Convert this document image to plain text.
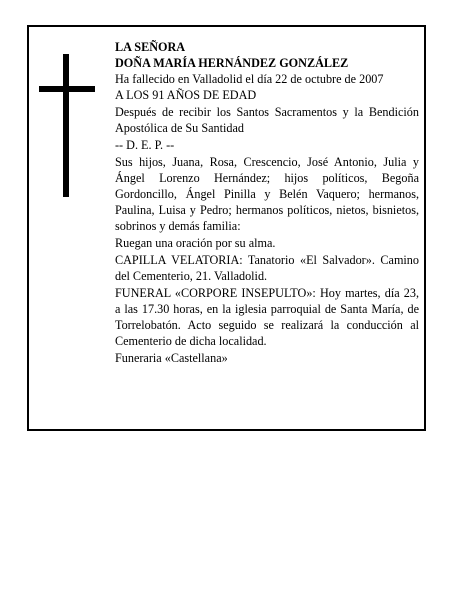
LA SEÑORA
DOÑA MARÍA HERNÁNDEZ GONZÁLEZ
Ha fallecido en Valladolid el día 22 de octubre de 2007
A LOS 91 AÑOS DE EDAD
Después de recibir los Santos Sacramentos y la Bendición Apostólica de Su Santidad
-- D. E. P. --
Sus hijos, Juana, Rosa, Crescencio, José Antonio, Julia y Ángel Lorenzo Hernández; hijos políticos, Begoña Gordoncillo, Ángel Pinilla y Belén Vaquero; hermanos, Paulina, Luisa y Pedro; hermanos políticos, nietos, bisnietos, sobrinos y demás familia:
Ruegan una oración por su alma.
CAPILLA VELATORIA: Tanatorio «El Salvador». Camino del Cementerio, 21. Valladolid.
FUNERAL «CORPORE INSEPULTO»: Hoy martes, día 23, a las 17.30 horas, en la iglesia parroquial de Santa María, de Torrelobatón. Acto seguido se realizará la conducción al Cementerio de dicha localidad.
Funeraria «Castellana»
